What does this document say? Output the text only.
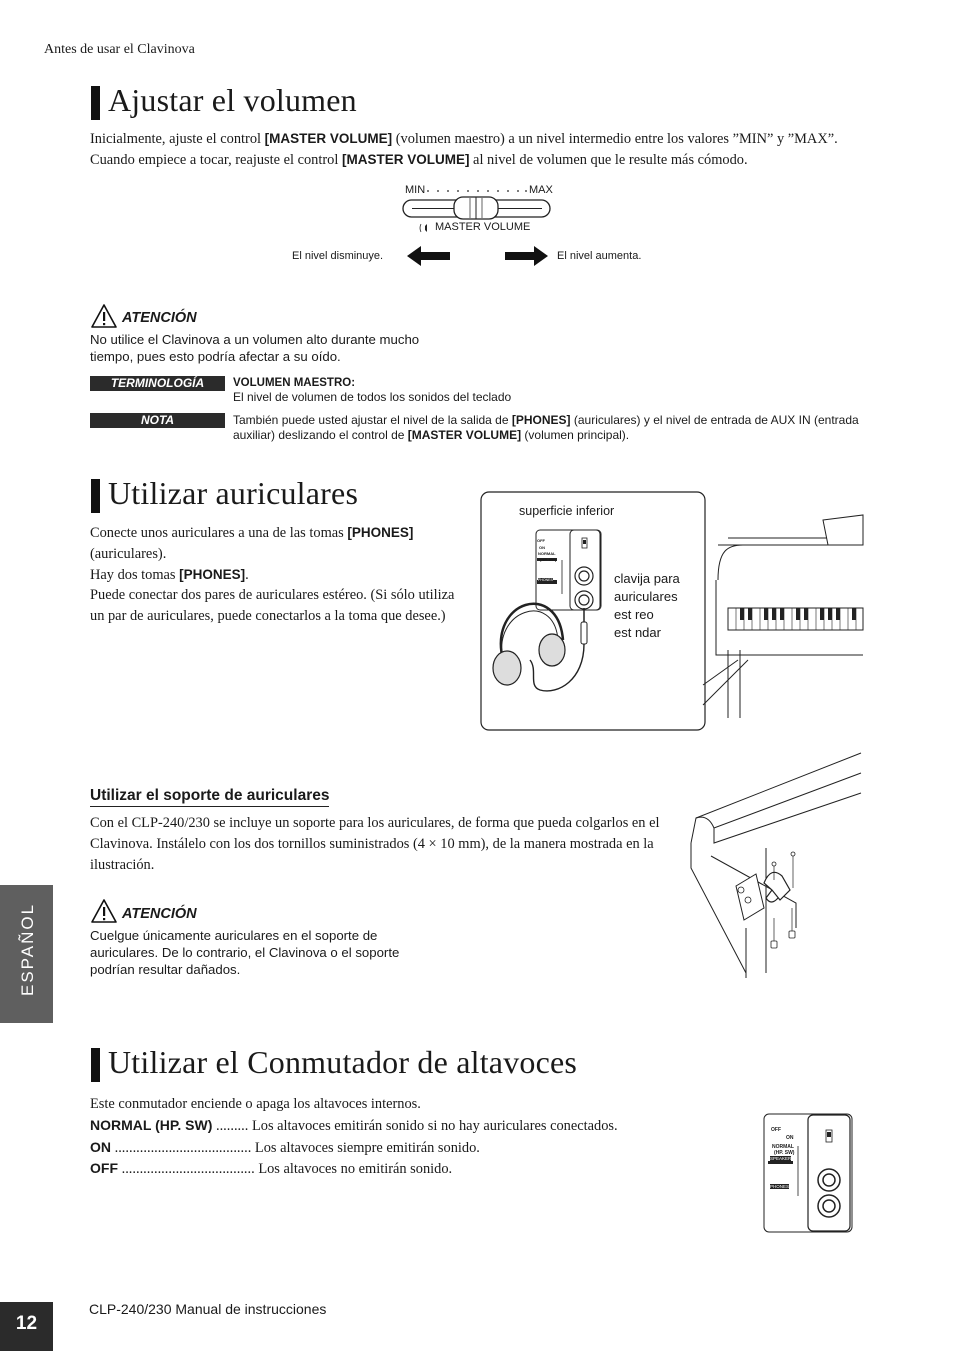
Antes de usar el Clavinova
Ajustar el volumen
Inicialmente, ajuste el control [MASTER VOLUME] (volumen maestro) a un nivel intermedio entre los valores ”MIN” y ”MAX”. Cuando empiece a tocar, reajuste el control [MASTER VOLUME] al nivel de volumen que le resulte más cómodo.
MIN	MAX
MASTER VOLUME
El nivel disminuye.	El nivel aumenta.
ATENCIÓN
No utilice el Clavinova a un volumen alto durante mucho tiempo, pues esto podría afectar a su oído.
TERMINOLOGÍA	VOLUMEN MAESTRO:
El nivel de volumen de todos los sonidos del teclado
NOTA	También puede usted ajustar el nivel de la salida de [PHONES] (auriculares) y el nivel de entrada de AUX IN (entrada auxiliar) deslizando el control de [MASTER VOLUME] (volumen principal).
Utilizar auriculares
Conecte unos auriculares a una de las tomas [PHONES] (auriculares).
Hay dos tomas [PHONES].
Puede conectar dos pares de auriculares estéreo. (Si sólo utiliza un par de auriculares, puede conectarlos a la toma que desee.)
superficie inferior
OFF
ON
NORMAL
(HP. SW)
PHONES	clavija para
auriculares
est reo
est ndar
Utilizar el soporte de auriculares
Con el CLP-240/230 se incluye un soporte para los auriculares, de forma que pueda colgarlos en el Clavinova. Instálelo con los dos tornillos suministrados (4 × 10 mm), de la manera mostrada en la ilustración.
ATENCIÓN
Cuelgue únicamente auriculares en el soporte de auriculares. De lo contrario, el Clavinova o el soporte podrían resultar dañados.
Utilizar el Conmutador de altavoces
Este conmutador enciende o apaga los altavoces internos.
NORMAL (HP. SW) ......... Los altavoces emitirán sonido si no hay auriculares conectados.
ON ...................................... Los altavoces siempre emitirán sonido.
OFF ..................................... Los altavoces no emitirán sonido.
OFF
ON
NORMAL
(HP. SW)
SPEAKER
PHONES
ESPAÑOL
12
CLP-240/230 Manual de instrucciones
